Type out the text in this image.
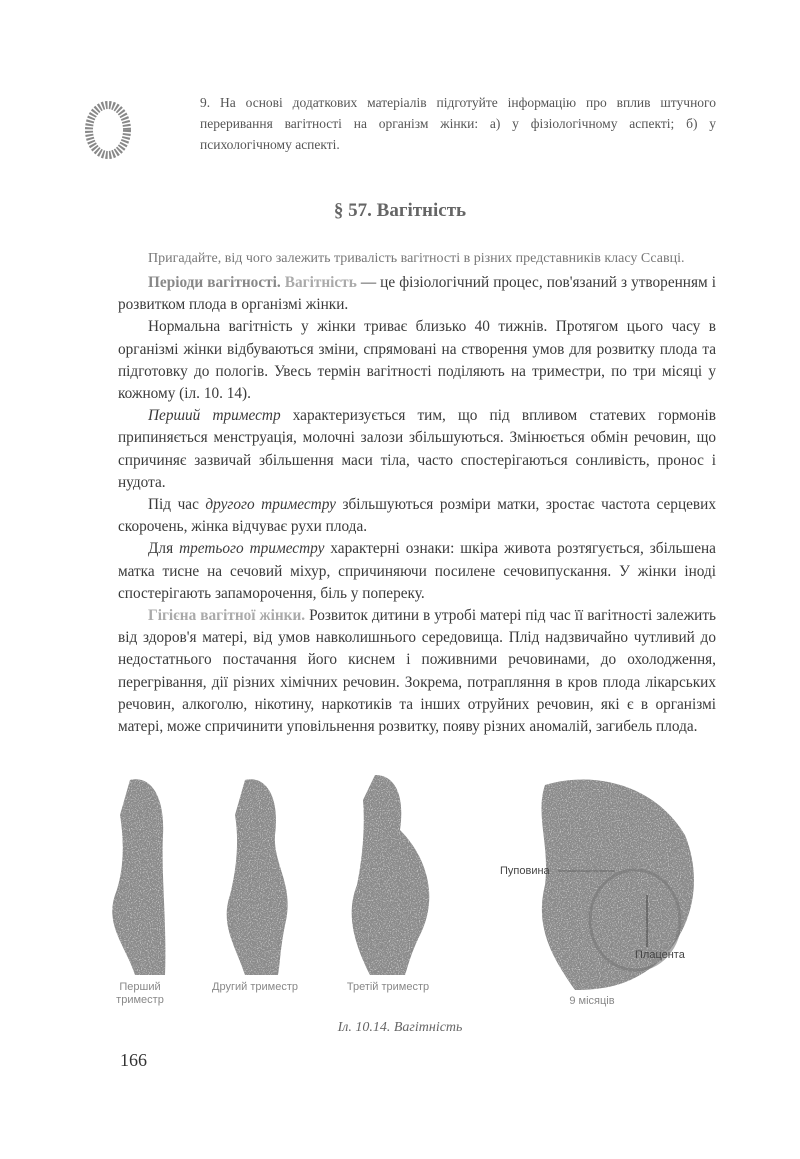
9. На основі додаткових матеріалів підготуйте інформацію про вплив штучного переривання вагітності на організм жінки: а) у фізіологічному аспекті; б) у психологічному аспекті.
§ 57. Вагітність

Пригадайте, від чого залежить тривалість вагітності в різних представників класу Ссавці.

Періоди вагітності. Вагітність — це фізіологічний процес, пов'язаний з утворенням і розвитком плода в організмі жінки.

Нормальна вагітність у жінки триває близько 40 тижнів. Протягом цього часу в організмі жінки відбуваються зміни, спрямовані на створення умов для розвитку плода та підготовку до пологів. Увесь термін вагітності поділяють на триместри, по три місяці у кожному (іл. 10. 14).

Перший триместр характеризується тим, що під впливом статевих гормонів припиняється менструація, молочні залози збільшуються. Змінюється обмін речовин, що спричиняє зазвичай збільшення маси тіла, часто спостерігаються сонливість, пронос і нудота.

Під час другого триместру збільшуються розміри матки, зростає частота серцевих скорочень, жінка відчуває рухи плода.

Для третього триместру характерні ознаки: шкіра живота розтягується, збільшена матка тисне на сечовий міхур, спричиняючи посилене сечовипускання. У жінки іноді спостерігають запаморочення, біль у попереку.

Гігієна вагітної жінки. Розвиток дитини в утробі матері під час її вагітності залежить від здоров'я матері, від умов навколишнього середовища. Плід надзвичайно чутливий до недостатнього постачання його киснем і поживними речовинами, до охолодження, перегрівання, дії різних хімічних речовин. Зокрема, потрапляння в кров плода лікарських речовин, алкоголю, нікотину, наркотиків та інших отруйних речовин, які є в організмі матері, може спричинити уповільнення розвитку, появу різних аномалій, загибель плода.

Перший триместр
Другий триместр	Третій триместр
9 місяців
Пуповина
Плацента
Іл. 10.14. Вагітність
166
